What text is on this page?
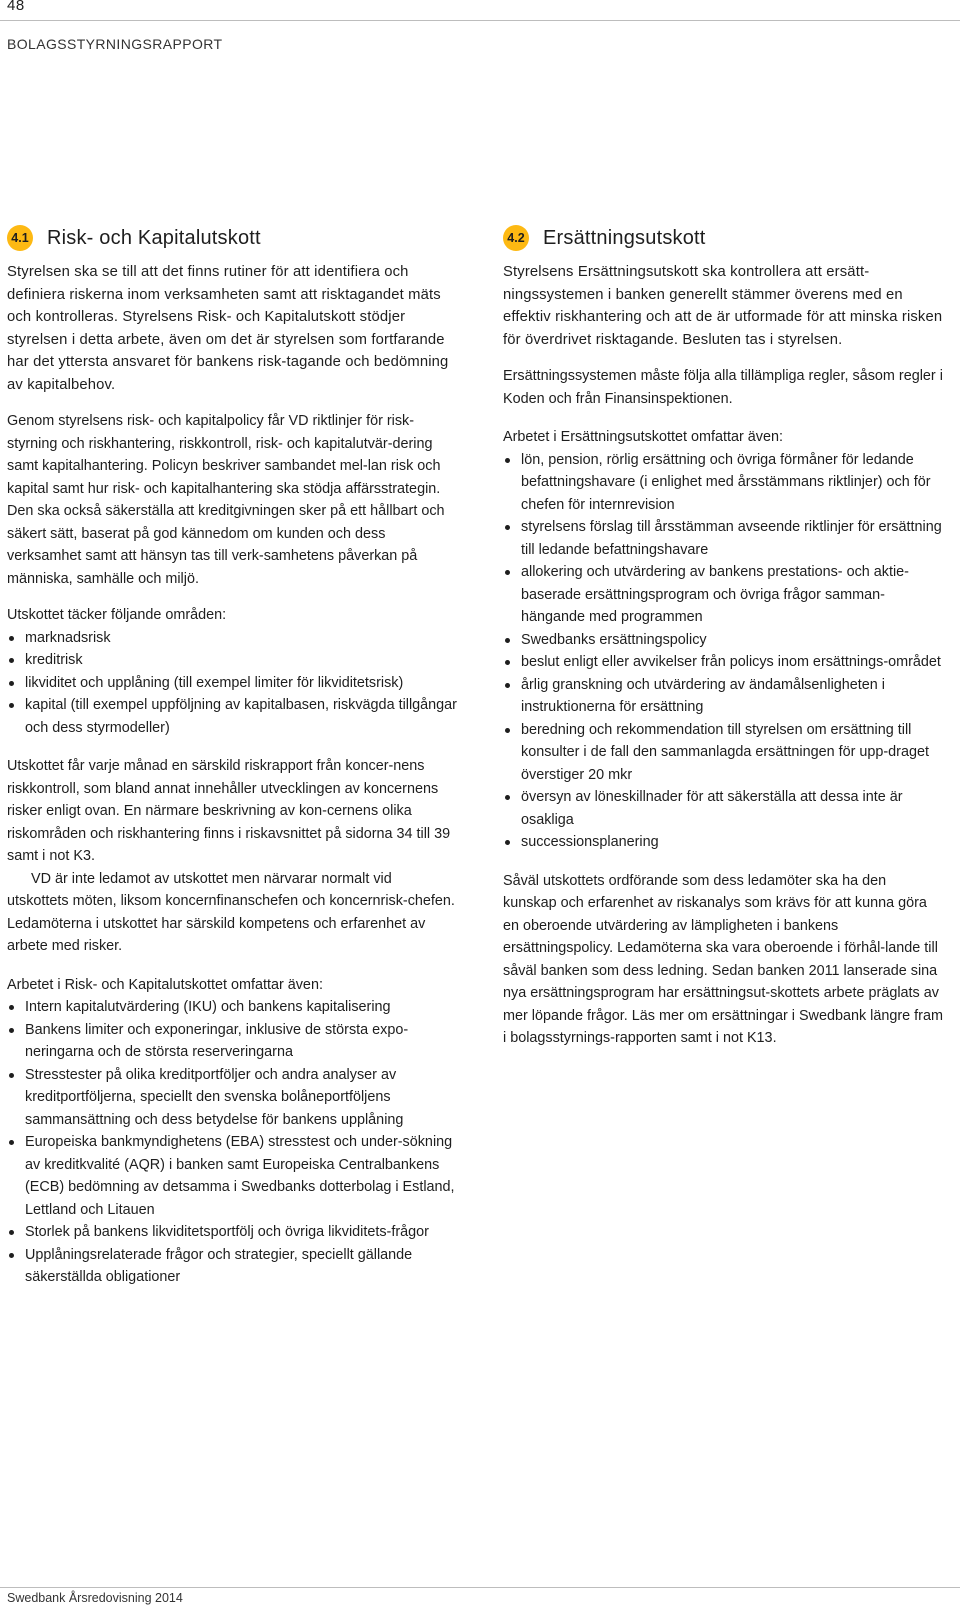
48
BOLAGSSTYRNINGSRAPPORT
4.1 Risk- och Kapitalutskott

Styrelsen ska se till att det finns rutiner för att identifiera och definiera riskerna inom verksamheten samt att risktagandet mäts och kontrolleras. Styrelsens Risk- och Kapitalutskott stödjer styrelsen i detta arbete, även om det är styrelsen som fortfarande har det yttersta ansvaret för bankens risk-tagande och bedömning av kapitalbehov.

Genom styrelsens risk- och kapitalpolicy får VD riktlinjer för risk-styrning och riskhantering, riskkontroll, risk- och kapitalutvär-dering samt kapitalhantering. Policyn beskriver sambandet mel-lan risk och kapital samt hur risk- och kapitalhantering ska stödja affärsstrategin. Den ska också säkerställa att kreditgivningen sker på ett hållbart och säkert sätt, baserat på god kännedom om kunden och dess verksamhet samt att hänsyn tas till verk-samhetens påverkan på människa, samhälle och miljö.

Utskottet täcker följande områden:

marknadsrisk
kreditrisk
likviditet och upplåning (till exempel limiter för likviditetsrisk)
kapital (till exempel uppföljning av kapitalbasen, riskvägda tillgångar och dess styrmodeller)

Utskottet får varje månad en särskild riskrapport från koncer-nens riskkontroll, som bland annat innehåller utvecklingen av koncernens risker enligt ovan. En närmare beskrivning av kon-cernens olika riskområden och riskhantering finns i riskavsnittet på sidorna 34 till 39 samt i not K3.

VD är inte ledamot av utskottet men närvarar normalt vid utskottets möten, liksom koncernfinanschefen och koncernrisk-chefen. Ledamöterna i utskottet har särskild kompetens och erfarenhet av arbete med risker.

Arbetet i Risk- och Kapitalutskottet omfattar även:

Intern kapitalutvärdering (IKU) och bankens kapitalisering
Bankens limiter och exponeringar, inklusive de största expo-neringarna och de största reserveringarna
Stresstester på olika kreditportföljer och andra analyser av kreditportföljerna, speciellt den svenska bolåneportföljens sammansättning och dess betydelse för bankens upplåning
Europeiska bankmyndighetens (EBA) stresstest och under-sökning av kreditkvalité (AQR) i banken samt Europeiska Centralbankens (ECB) bedömning av detsamma i Swedbanks dotterbolag i Estland, Lettland och Litauen
Storlek på bankens likviditetsportfölj och övriga likviditets-frågor
Upplåningsrelaterade frågor och strategier, speciellt gällande säkerställda obligationer
4.2 Ersättningsutskott

Styrelsens Ersättningsutskott ska kontrollera att ersätt-ningssystemen i banken generellt stämmer överens med en effektiv riskhantering och att de är utformade för att minska risken för överdrivet risktagande. Besluten tas i styrelsen.

Ersättningssystemen måste följa alla tillämpliga regler, såsom regler i Koden och från Finansinspektionen.

Arbetet i Ersättningsutskottet omfattar även:

lön, pension, rörlig ersättning och övriga förmåner för ledande befattningshavare (i enlighet med årsstämmans riktlinjer) och för chefen för internrevision
styrelsens förslag till årsstämman avseende riktlinjer för ersättning till ledande befattningshavare
allokering och utvärdering av bankens prestations- och aktie-baserade ersättningsprogram och övriga frågor samman-hängande med programmen
Swedbanks ersättningspolicy
beslut enligt eller avvikelser från policys inom ersättnings-området
årlig granskning och utvärdering av ändamålsenligheten i instruktionerna för ersättning
beredning och rekommendation till styrelsen om ersättning till konsulter i de fall den sammanlagda ersättningen för upp-draget överstiger 20 mkr
översyn av löneskillnader för att säkerställa att dessa inte är osakliga
successionsplanering

Såväl utskottets ordförande som dess ledamöter ska ha den kunskap och erfarenhet av riskanalys som krävs för att kunna göra en oberoende utvärdering av lämpligheten i bankens ersättningspolicy. Ledamöterna ska vara oberoende i förhål-lande till såväl banken som dess ledning. Sedan banken 2011 lanserade sina nya ersättningsprogram har ersättningsut-skottets arbete präglats av mer löpande frågor. Läs mer om ersättningar i Swedbank längre fram i bolagsstyrnings-rapporten samt i not K13.

Swedbank Årsredovisning 2014
